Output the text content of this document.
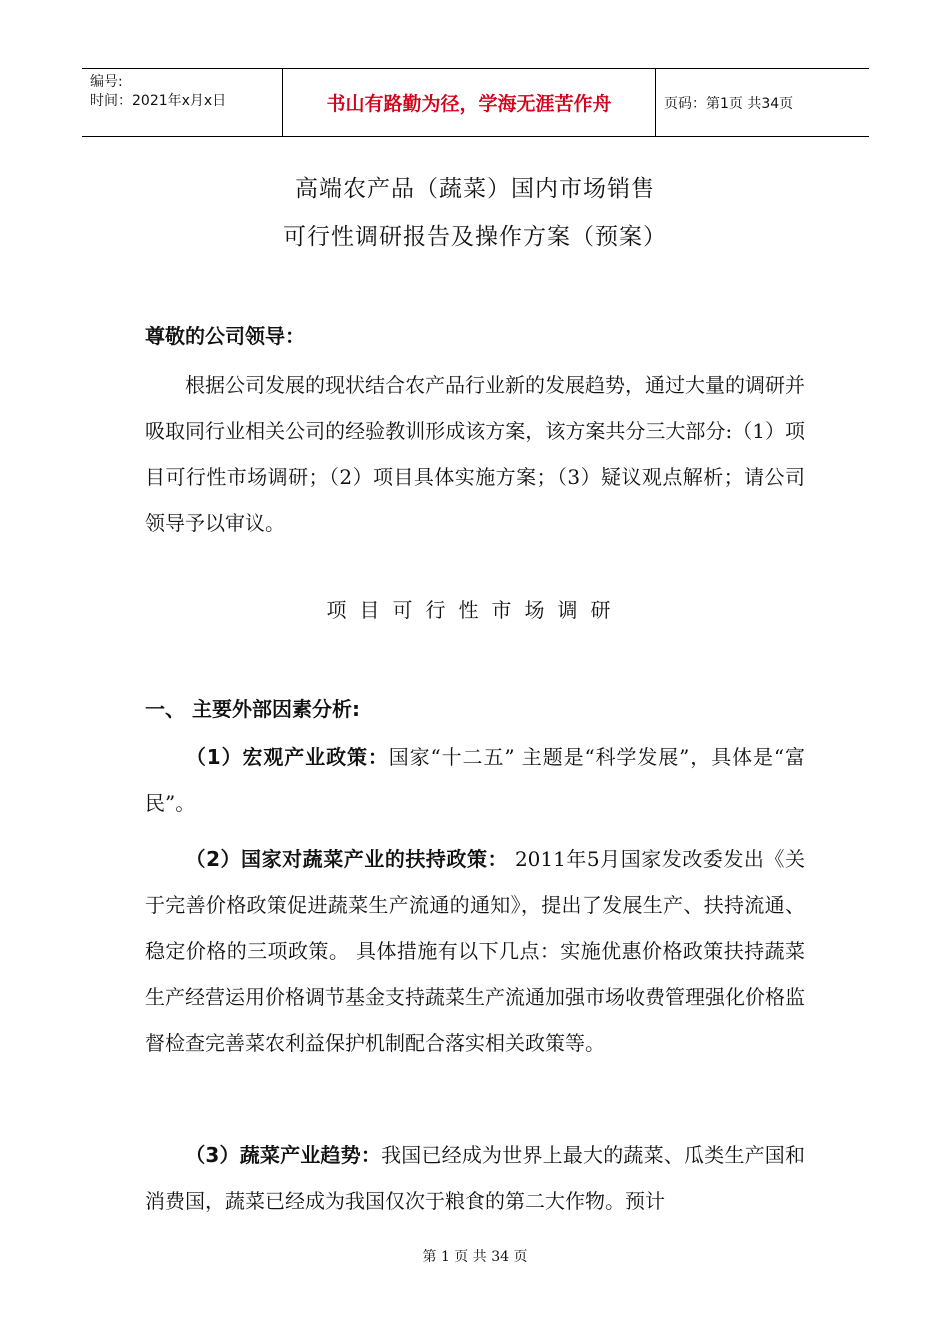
编号:
时间：2021年x月x日	书山有路勤为径，学海无涯苦作舟	页码：第1页 共34页
高端农产品（蔬菜）国内市场销售
可行性调研报告及操作方案（预案）
尊敬的公司领导：

根据公司发展的现状结合农产品行业新的发展趋势，通过大量的调研并吸取同行业相关公司的经验教训形成该方案，该方案共分三大部分:（1）项目可行性市场调研；（2）项目具体实施方案；（3）疑议观点解析；请公司领导予以审议。

项目可行性市场调研
一、 主要外部因素分析:

（1）宏观产业政策：国家“十二五” 主题是“科学发展”，具体是“富民”。

（2）国家对蔬菜产业的扶持政策： 2011年5月国家发改委发出《关于完善价格政策促进蔬菜生产流通的通知》，提出了发展生产、扶持流通、稳定价格的三项政策。 具体措施有以下几点：实施优惠价格政策扶持蔬菜生产经营运用价格调节基金支持蔬菜生产流通加强市场收费管理强化价格监督检查完善菜农利益保护机制配合落实相关政策等。

（3）蔬菜产业趋势：我国已经成为世界上最大的蔬菜、瓜类生产国和消费国，蔬菜已经成为我国仅次于粮食的第二大作物。预计

第 1 页 共 34 页
